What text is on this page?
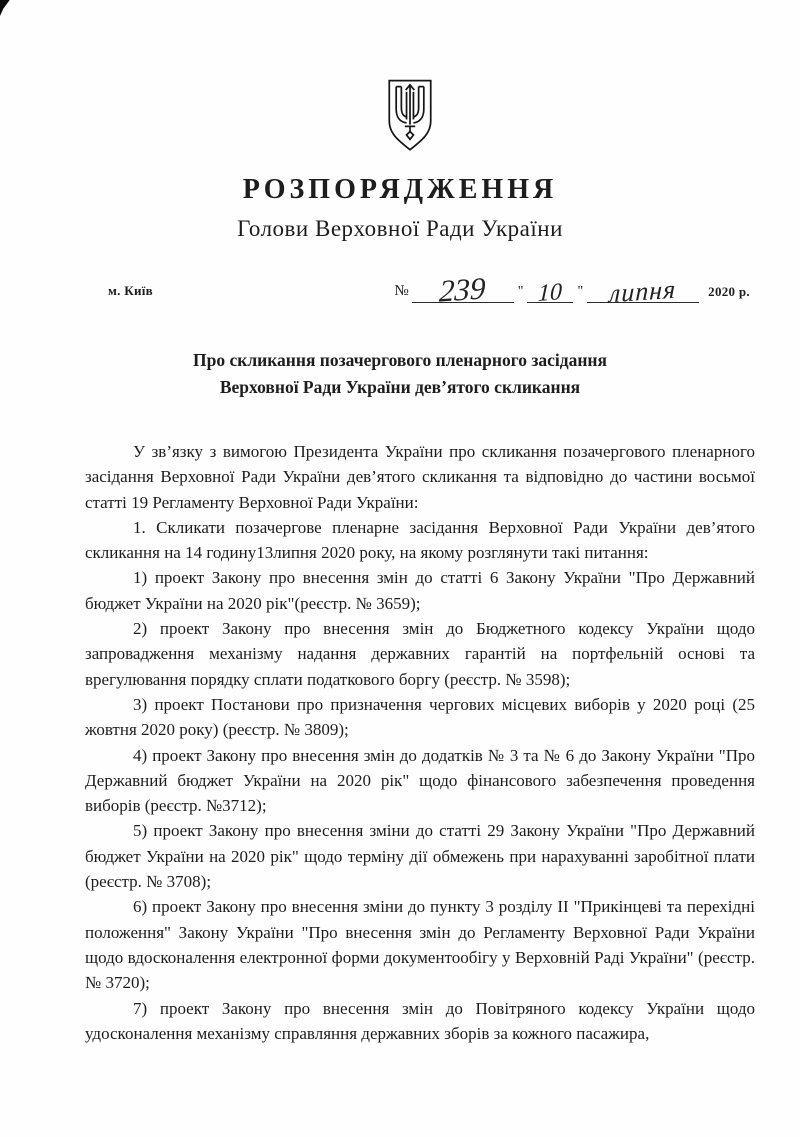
РОЗПОРЯДЖЕННЯ
Голови Верховної Ради України
м. Київ	№ 239	" 10	" липня	2020 р.
Про скликання позачергового пленарного засідання
Верховної Ради України дев’ятого скликання

У зв’язку з вимогою Президента України про скликання позачергового пленарного засідання Верховної Ради України дев’ятого скликання та відповідно до частини восьмої статті 19 Регламенту Верховної Ради України:

1. Скликати позачергове пленарне засідання Верховної Ради України дев’ятого скликання на 14 годину13липня 2020 року, на якому розглянути такі питання:

1) проект Закону про внесення змін до статті 6 Закону України "Про Державний бюджет України на 2020 рік"(реєстр. № 3659);

2) проект Закону про внесення змін до Бюджетного кодексу України щодо запровадження механізму надання державних гарантій на портфельній основі та врегулювання порядку сплати податкового боргу (реєстр. № 3598);

3) проект Постанови про призначення чергових місцевих виборів у 2020 році (25 жовтня 2020 року) (реєстр. № 3809);

4) проект Закону про внесення змін до додатків № 3 та № 6 до Закону України "Про Державний бюджет України на 2020 рік" щодо фінансового забезпечення проведення виборів (реєстр. №3712);

5) проект Закону про внесення зміни до статті 29 Закону України "Про Державний бюджет України на 2020 рік" щодо терміну дії обмежень при нарахуванні заробітної плати (реєстр. № 3708);

6) проект Закону про внесення зміни до пункту 3 розділу II "Прикінцеві та перехідні положення" Закону України "Про внесення змін до Регламенту Верховної Ради України щодо вдосконалення електронної форми документообігу у Верховній Раді України" (реєстр. № 3720);

7) проект Закону про внесення змін до Повітряного кодексу України щодо удосконалення механізму справляння державних зборів за кожного пасажира,
